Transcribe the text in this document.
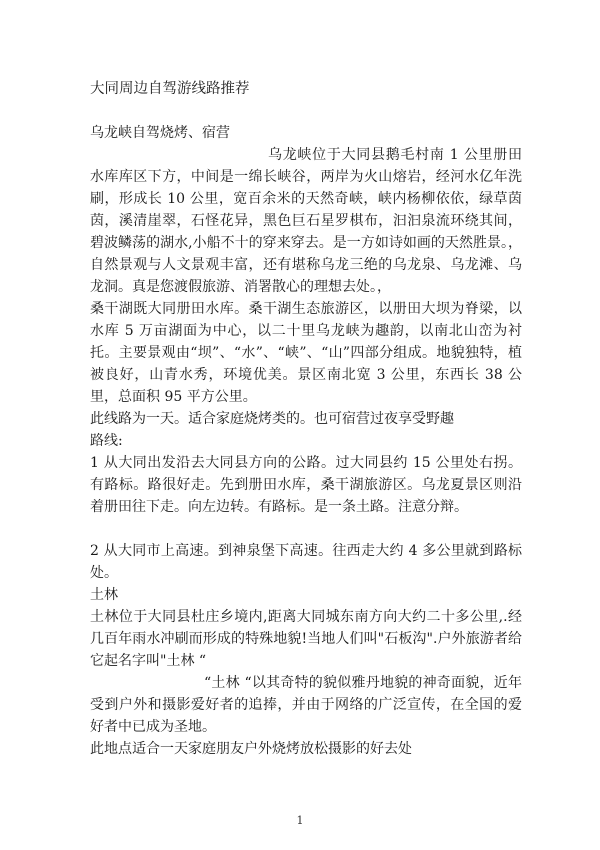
大同周边自驾游线路推荐

乌龙峡自驾烧烤、宿营

乌龙峡位于大同县鹅毛村南 1 公里册田水库库区下方，中间是一绵长峡谷，两岸为火山熔岩，经河水亿年洗刷，形成长 10 公里，宽百余米的天然奇峡，峡内杨柳依依，绿草茵茵，溪清崖翠，石怪花异，黑色巨石星罗棋布，汩汩泉流环绕其间，碧波鳞荡的湖水,小船不十的穿来穿去。是一方如诗如画的天然胜景。，自然景观与人文景观丰富，还有堪称乌龙三绝的乌龙泉、乌龙滩、乌龙洞。真是您渡假旅游、消署散心的理想去处。，

桑干湖既大同册田水库。桑干湖生态旅游区，以册田大坝为脊梁，以水库 5 万亩湖面为中心，以二十里乌龙峡为趣韵，以南北山峦为衬托。主要景观由“坝”、“水”、“峡”、“山”四部分组成。地貌独特，植被良好，山青水秀，环境优美。景区南北宽 3 公里，东西长 38 公里，总面积 95 平方公里。

此线路为一天。适合家庭烧烤类的。也可宿营过夜享受野趣

路线:

1 从大同出发沿去大同县方向的公路。过大同县约 15 公里处右拐。有路标。路很好走。先到册田水库，桑干湖旅游区。乌龙夏景区则沿着册田往下走。向左边转。有路标。是一条土路。注意分辩。

2 从大同市上高速。到神泉堡下高速。往西走大约 4 多公里就到路标处。

土林

土林位于大同县杜庄乡境内,距离大同城东南方向大约二十多公里,.经几百年雨水冲刷而形成的特殊地貌!当地人们叫"石板沟".户外旅游者给它起名字叫"土林 “

“土林 “以其奇特的貌似雅丹地貌的神奇面貌，近年受到户外和摄影爱好者的追捧，并由于网络的广泛宣传，在全国的爱好者中已成为圣地。

此地点适合一天家庭朋友户外烧烤放松摄影的好去处

1
